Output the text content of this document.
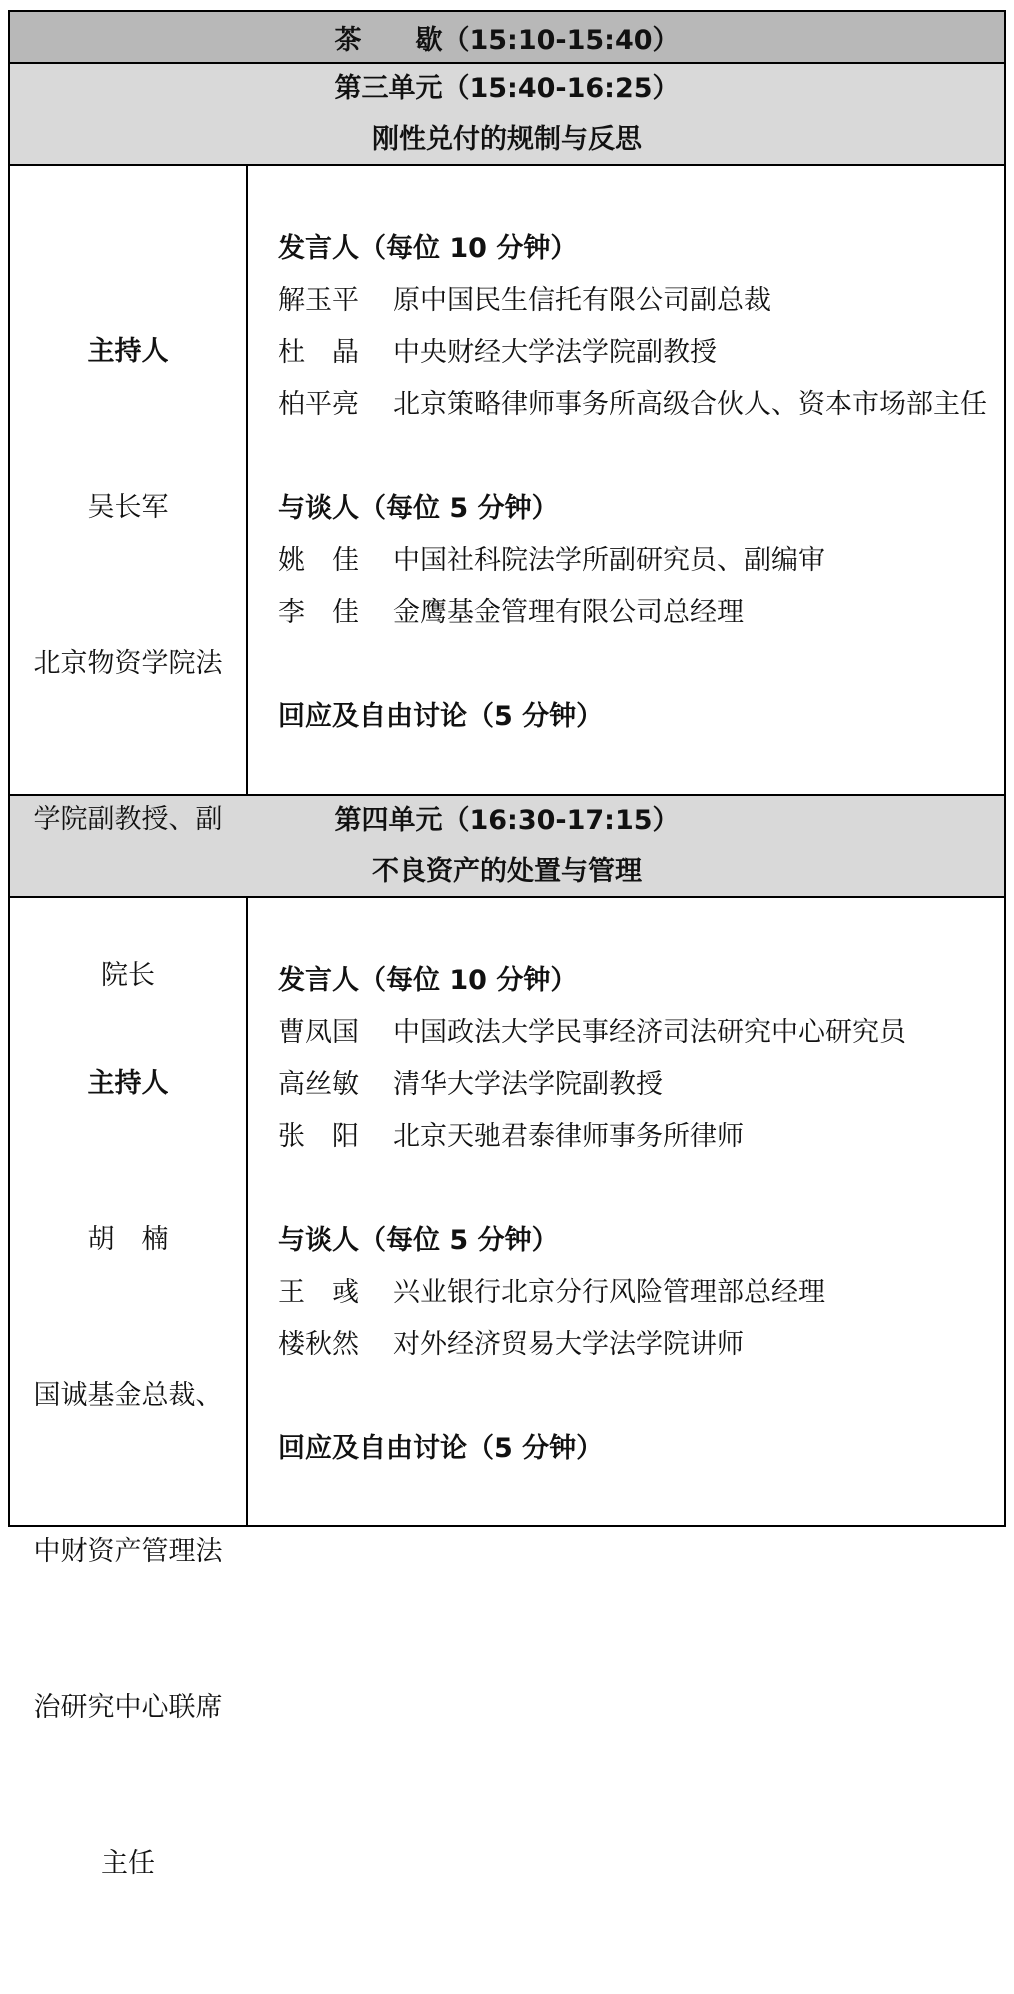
茶　　歇（15:10-15:40）
第三单元（15:40-16:25）
刚性兑付的规制与反思

主持人

吴长军

北京物资学院法

学院副教授、副

院长

发言人（每位 10 分钟）
解玉平 原中国民生信托有限公司副总裁
杜　晶 中央财经大学法学院副教授
柏平亮 北京策略律师事务所高级合伙人、资本市场部主任
与谈人（每位 5 分钟）
姚　佳 中国社科院法学所副研究员、副编审
李　佳 金鹰基金管理有限公司总经理
回应及自由讨论（5 分钟）
第四单元（16:30-17:15）
不良资产的处置与管理

主持人

胡　楠

国诚基金总裁、

中财资产管理法

治研究中心联席

主任

发言人（每位 10 分钟）
曹凤国 中国政法大学民事经济司法研究中心研究员
高丝敏 清华大学法学院副教授
张　阳 北京天驰君泰律师事务所律师
与谈人（每位 5 分钟）
王　彧 兴业银行北京分行风险管理部总经理
楼秋然 对外经济贸易大学法学院讲师
回应及自由讨论（5 分钟）
